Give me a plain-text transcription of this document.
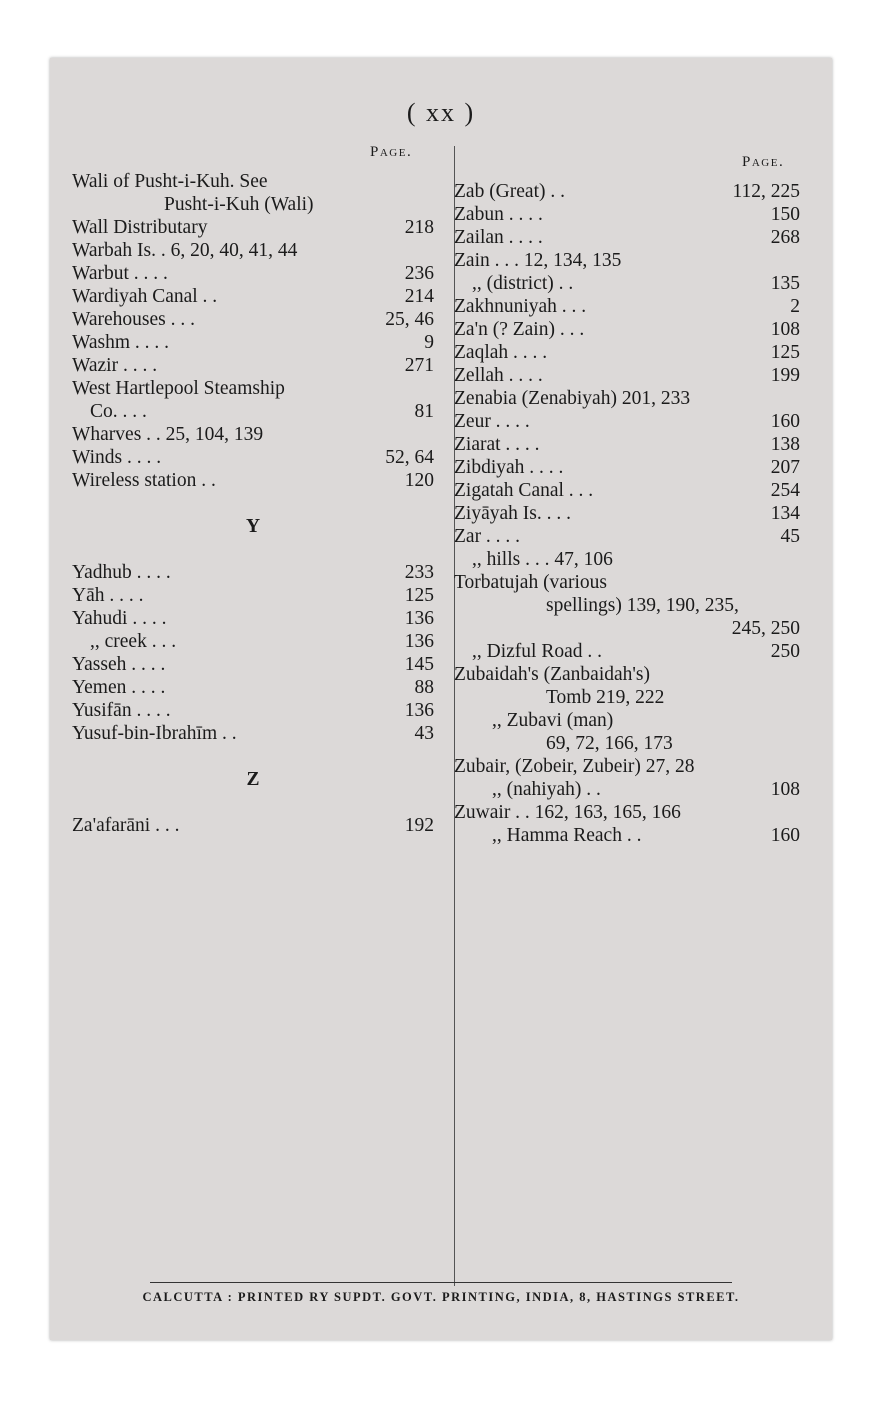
( xx )
Page.
Page.
Wali of Pusht-i-Kuh. See
Pusht-i-Kuh (Wali)
Wall Distributary	218
Warbah Is. . 6, 20, 40, 41, 44
Warbut . . . .	236
Wardiyah Canal . .	214
Warehouses . . .	25, 46
Washm . . . .	9
Wazir . . . .	271
West Hartlepool Steamship
Co. . . .	81
Wharves . . 25, 104, 139
Winds . . . .	52, 64
Wireless station . .	120
Y
Yadhub . . . .	233
Yāh . . . .	125
Yahudi . . . .	136
,, creek . . .	136
Yasseh . . . .	145
Yemen . . . .	88
Yusifān . . . .	136
Yusuf-bin-Ibrahīm . .	43
Z
Za'afarāni . . .	192
Zab (Great) . .	112, 225
Zabun . . . .	150
Zailan . . . .	268
Zain . . . 12, 134, 135
,, (district) . .	135
Zakhnuniyah . . .	2
Za'n (? Zain) . . .	108
Zaqlah . . . .	125
Zellah . . . .	199
Zenabia (Zenabiyah) 201, 233
Zeur . . . .	160
Ziarat . . . .	138
Zibdiyah . . . .	207
Zigatah Canal . . .	254
Ziyāyah Is. . . .	134
Zar . . . .	45
,, hills . . . 47, 106
Torbatujah (various
spellings) 139, 190, 235,
245, 250
,, Dizful Road . .	250
Zubaidah's (Zanbaidah's)
Tomb 219, 222
,, Zubavi (man)
69, 72, 166, 173
Zubair, (Zobeir, Zubeir) 27, 28
,, (nahiyah) . .	108
Zuwair . . 162, 163, 165, 166
,, Hamma Reach . .	160
CALCUTTA : PRINTED RY SUPDT. GOVT. PRINTING, INDIA, 8, HASTINGS STREET.
